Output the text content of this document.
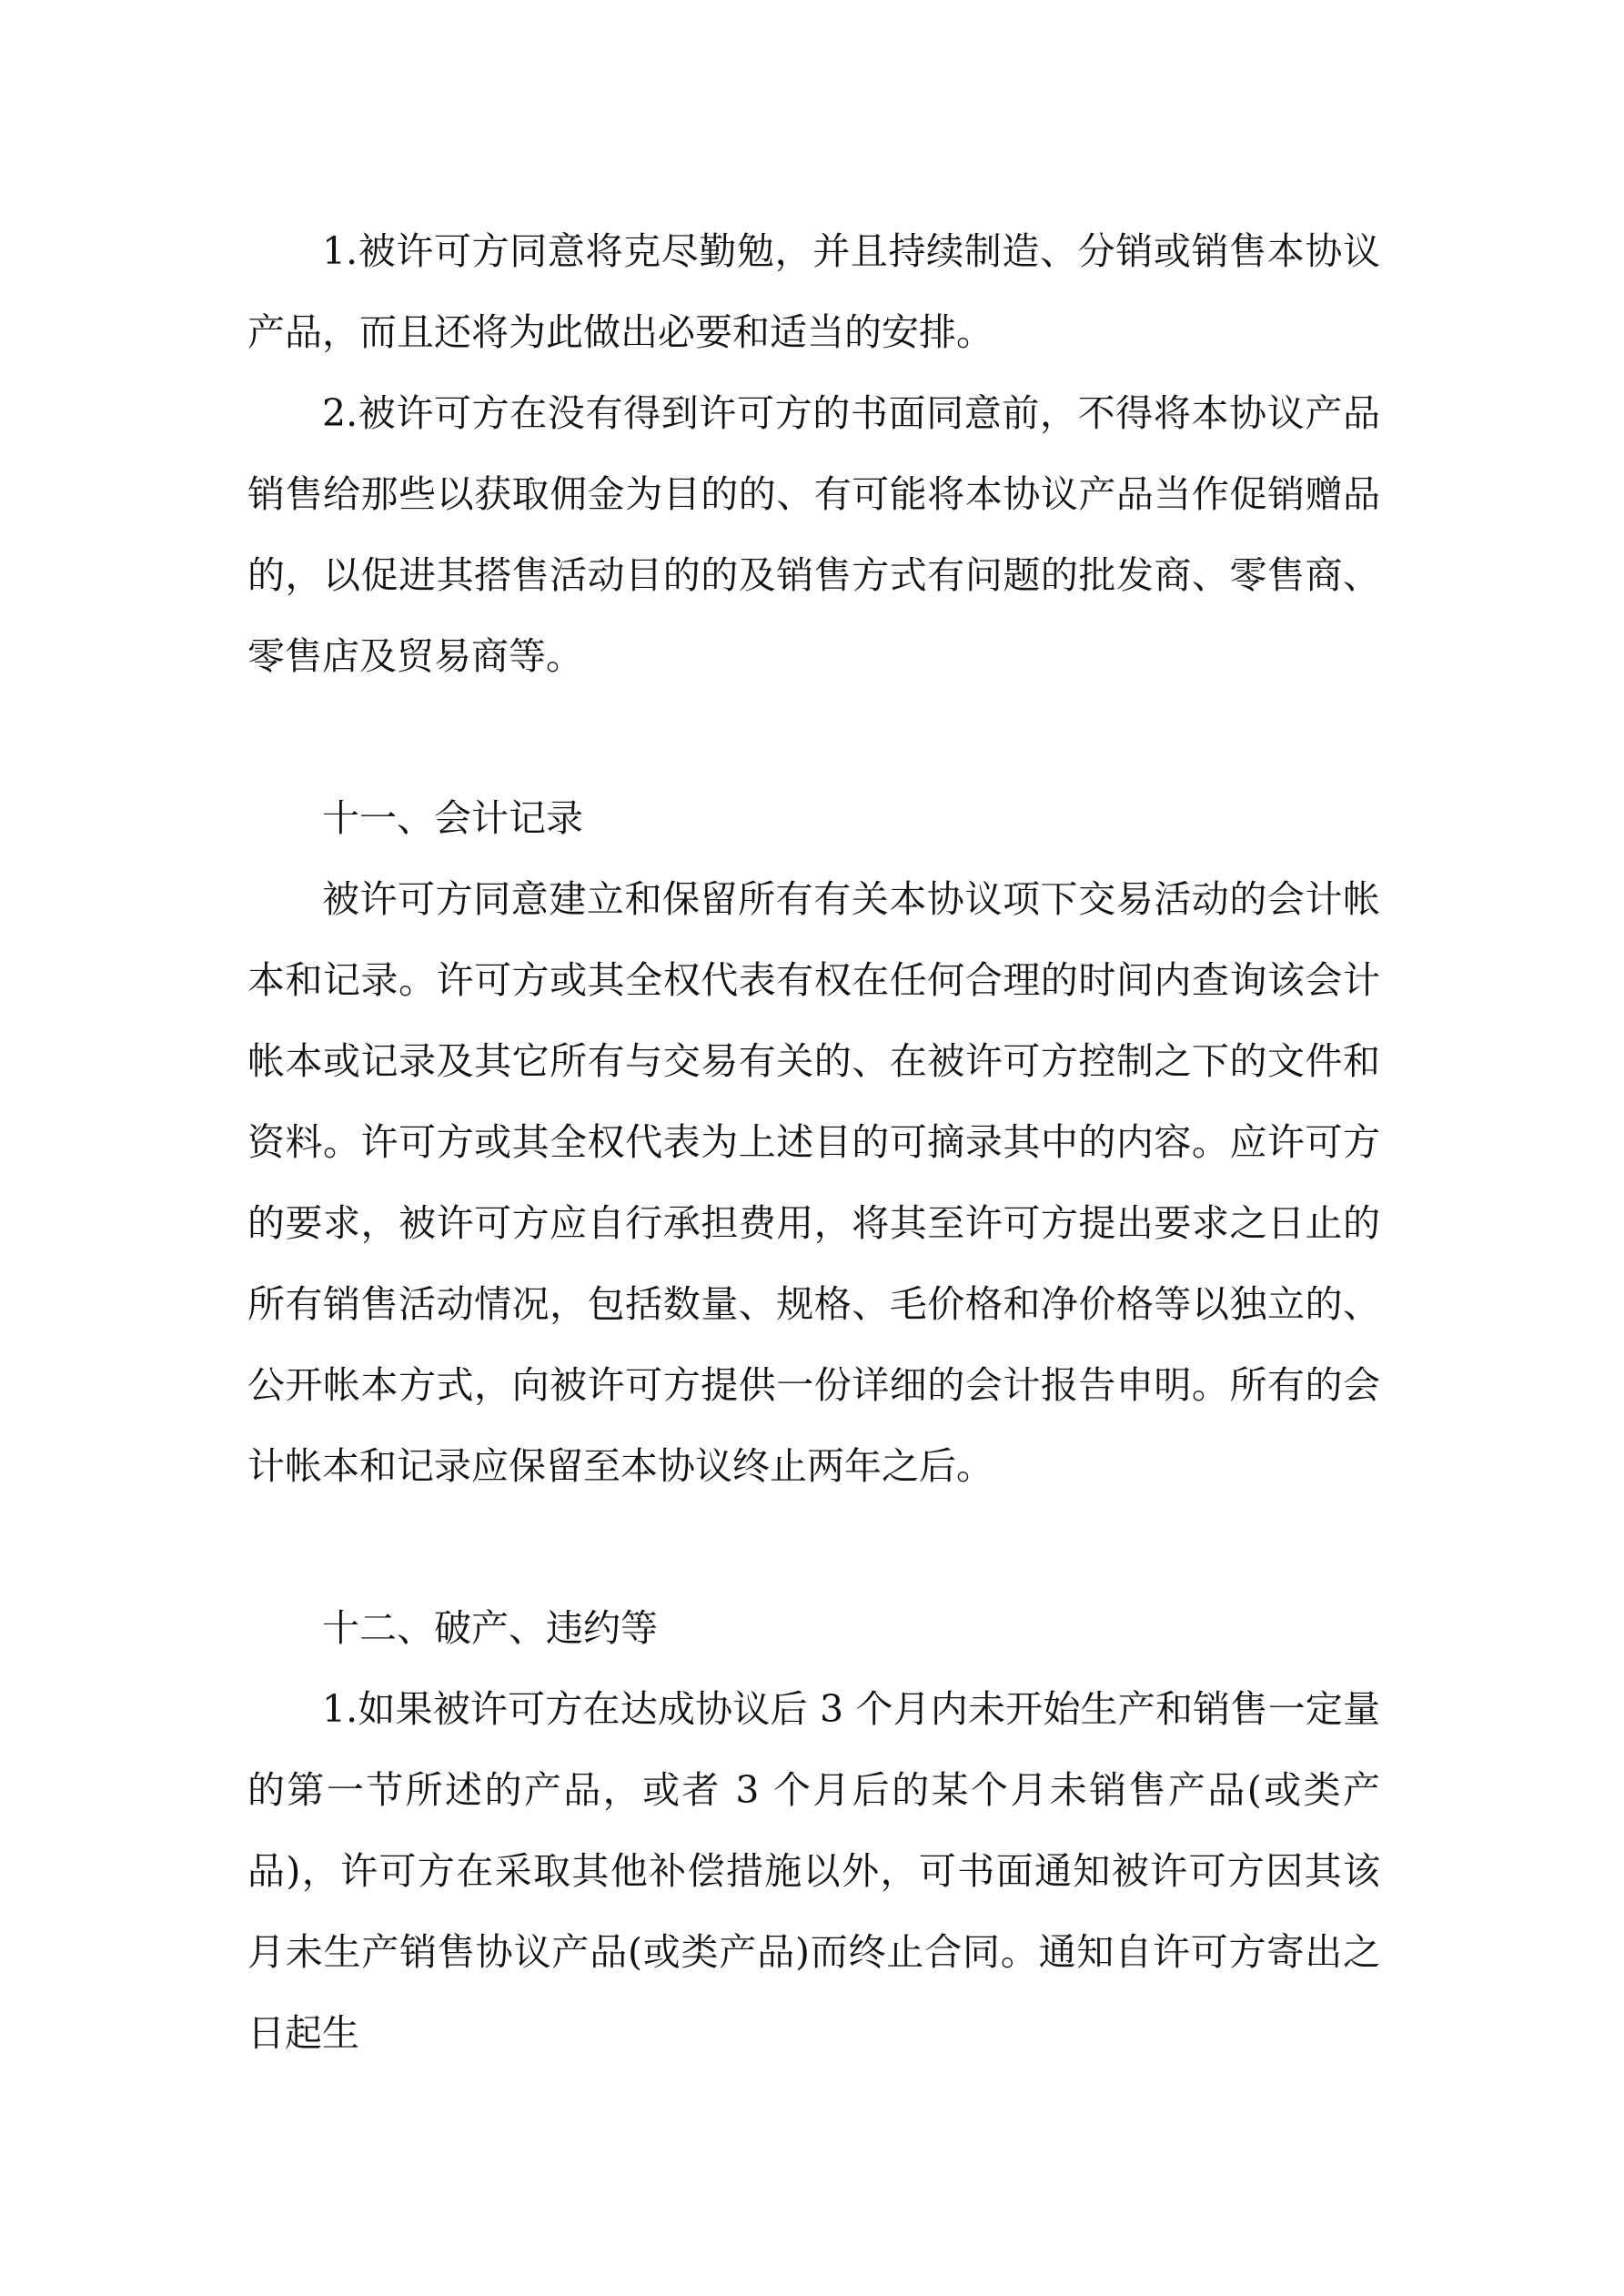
1.被许可方同意将克尽勤勉，并且持续制造、分销或销售本协议产品，而且还将为此做出必要和适当的安排。

2.被许可方在没有得到许可方的书面同意前，不得将本协议产品销售给那些以获取佣金为目的的、有可能将本协议产品当作促销赠品的，以促进其搭售活动目的的及销售方式有问题的批发商、零售商、零售店及贸易商等。

十一、会计记录

被许可方同意建立和保留所有有关本协议项下交易活动的会计帐本和记录。许可方或其全权代表有权在任何合理的时间内查询该会计帐本或记录及其它所有与交易有关的、在被许可方控制之下的文件和资料。许可方或其全权代表为上述目的可摘录其中的内容。应许可方的要求，被许可方应自行承担费用，将其至许可方提出要求之日止的所有销售活动情况，包括数量、规格、毛价格和净价格等以独立的、公开帐本方式，向被许可方提供一份详细的会计报告申明。所有的会计帐本和记录应保留至本协议终止两年之后。

十二、破产、违约等

1.如果被许可方在达成协议后 3 个月内未开始生产和销售一定量的第一节所述的产品，或者 3 个月后的某个月未销售产品(或类产品)，许可方在采取其他补偿措施以外，可书面通知被许可方因其该月未生产销售协议产品(或类产品)而终止合同。通知自许可方寄出之日起生
